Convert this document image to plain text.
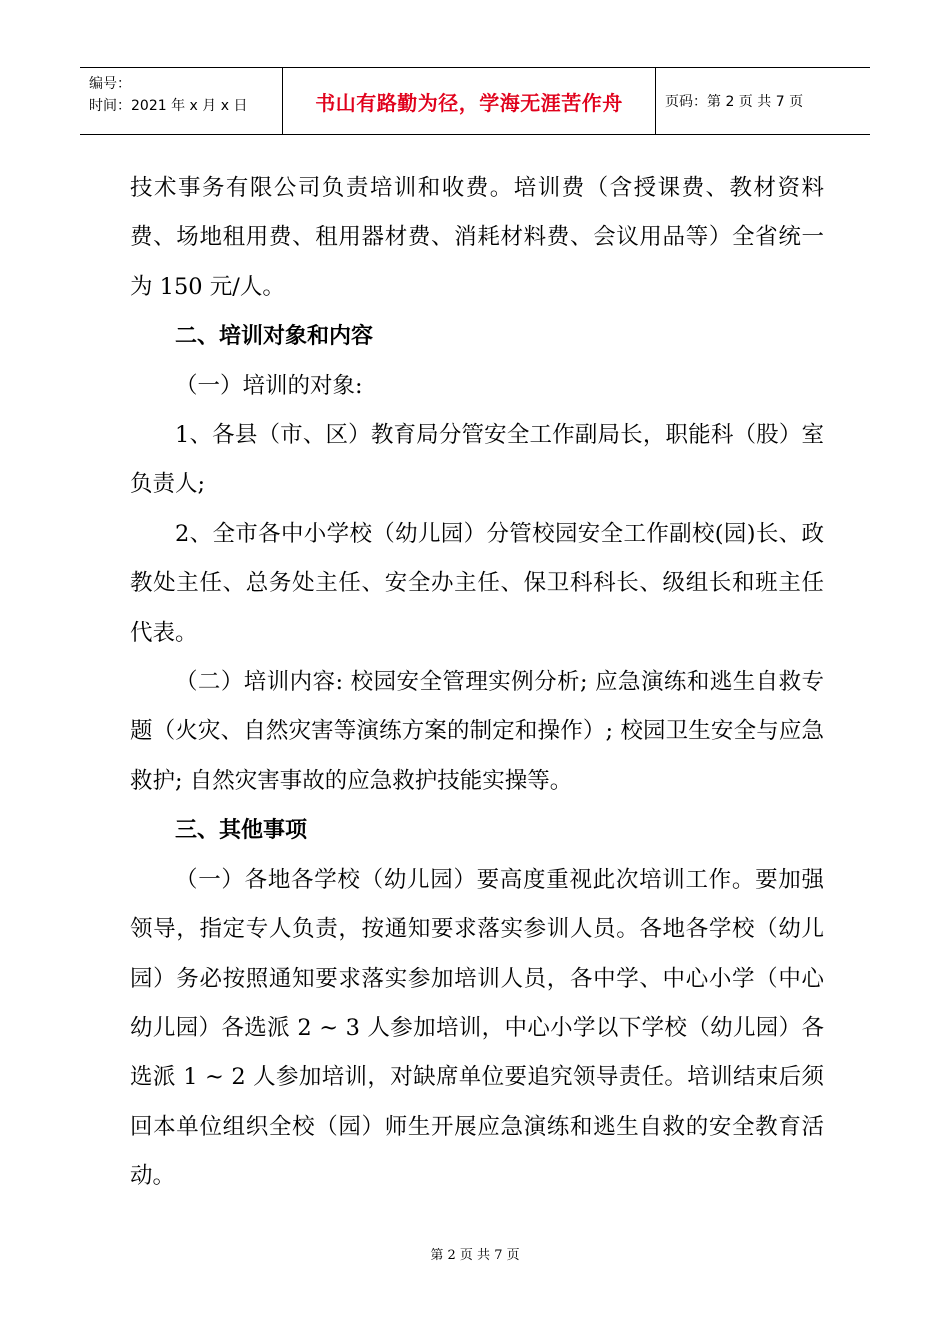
编号：
时间：2021 年 x 月 x 日	书山有路勤为径，学海无涯苦作舟	页码：第 2 页 共 7 页

技术事务有限公司负责培训和收费。培训费（含授课费、教材资料费、场地租用费、租用器材费、消耗材料费、会议用品等）全省统一为 150 元/人。

二、培训对象和内容

（一）培训的对象:

1、各县（市、区）教育局分管安全工作副局长，职能科（股）室负责人;

2、全市各中小学校（幼儿园）分管校园安全工作副校(园)长、政教处主任、总务处主任、安全办主任、保卫科科长、级组长和班主任代表。

（二）培训内容: 校园安全管理实例分析; 应急演练和逃生自救专题（火灾、自然灾害等演练方案的制定和操作）; 校园卫生安全与应急救护; 自然灾害事故的应急救护技能实操等。

三、其他事项

（一）各地各学校（幼儿园）要高度重视此次培训工作。要加强领导，指定专人负责，按通知要求落实参训人员。各地各学校（幼儿园）务必按照通知要求落实参加培训人员，各中学、中心小学（中心幼儿园）各选派 2 ~ 3 人参加培训，中心小学以下学校（幼儿园）各选派 1 ~ 2 人参加培训，对缺席单位要追究领导责任。培训结束后须回本单位组织全校（园）师生开展应急演练和逃生自救的安全教育活动。

第 2 页 共 7 页
